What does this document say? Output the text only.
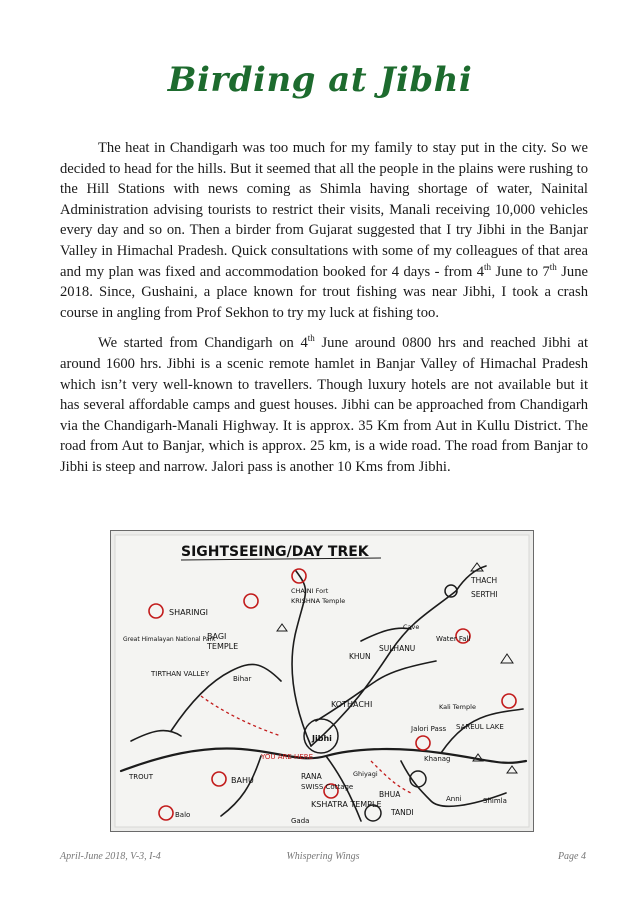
Birding at Jibhi

The heat in Chandigarh was too much for my family to stay put in the city. So we decided to head for the hills. But it seemed that all the people in the plains were rushing to the Hill Stations with news coming as Shimla having shortage of water, Nainital Administration advising tourists to restrict their visits, Manali receiving 10,000 vehicles every day and so on. Then a birder from Gujarat suggested that I try Jibhi in the Banjar Valley in Himachal Pradesh. Quick consultations with some of my colleagues of that area and my plan was fixed and accommodation booked for 4 days - from 4th June to 7th June 2018. Since, Gushaini, a place known for trout fishing was near Jibhi, I took a crash course in angling from Prof Sekhon to try my luck at fishing too.

We started from Chandigarh on 4th June around 0800 hrs and reached Jibhi at around 1600 hrs. Jibhi is a scenic remote hamlet in Banjar Valley of Himachal Pradesh which isn’t very well-known to travellers. Though luxury hotels are not available but it has several affordable camps and guest houses. Jibhi can be approached from Chandigarh via the Chandigarh-Manali Highway. It is approx. 35 Km from Aut in Kullu District. The road from Aut to Banjar, which is approx. 25 km, is a wide road. The road from Banjar to Jibhi is steep and narrow. Jalori pass is another 10 Kms from Jibhi.

SIGHTSEEING/DAY TREK
SHARINGI
BAGI
TEMPLE
Bihar
Great Himalayan National Park
TIRTHAN VALLEY
CHAINI Fort
KRISHNA Temple
KHUN
SULHANU
KOTHACHI
THACH
SERTHI
Water Fall
SAREUL LAKE
Jalori Pass
Khanag
Jibhi
YOU ARE HERE
BAHU
Balo
TROUT	RANA
SWISS Cottage
KSHATRA TEMPLE
BHUA
TANDI
Ghiyagi
Anni	Shimla
Gada
Kali Temple
Cave
April-June 2018, V-3, I-4	Whispering Wings	Page 4
